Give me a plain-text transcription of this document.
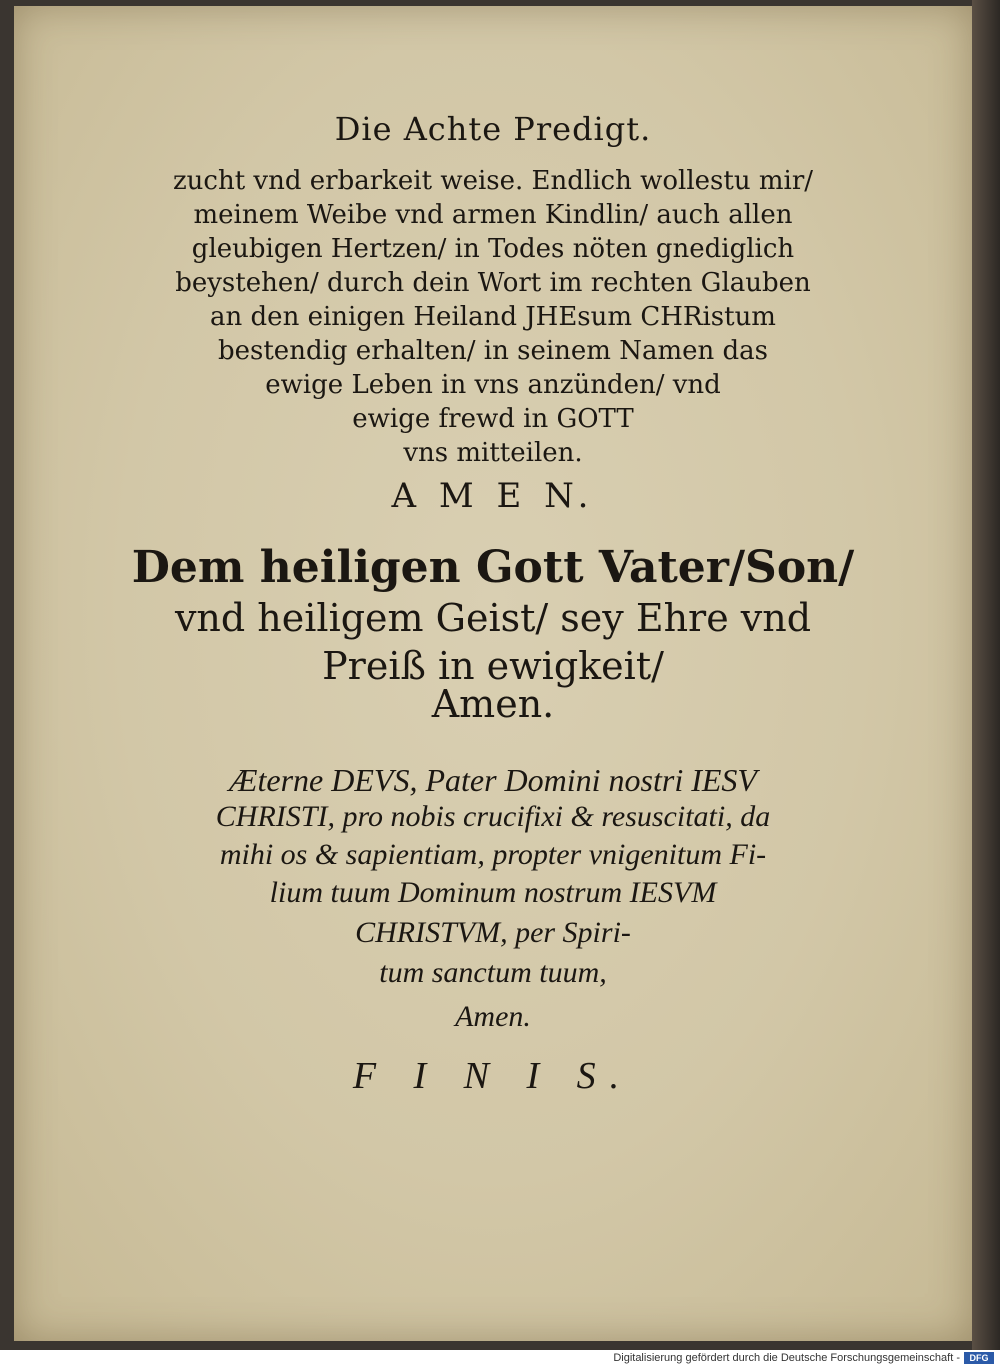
Die Achte Predigt.
zucht vnd erbarkeit weise. Endlich wollestu mir/
meinem Weibe vnd armen Kindlin/ auch allen
gleubigen Hertzen/ in Todes nöten gnediglich
beystehen/ durch dein Wort im rechten Glauben
an den einigen Heiland JHEsum CHRistum
bestendig erhalten/ in seinem Namen das
ewige Leben in vns anzünden/ vnd
ewige frewd in GOTT
vns mitteilen.
A M E N.
Dem heiligen Gott Vater/Son/
vnd heiligem Geist/ sey Ehre vnd
Preiß in ewigkeit/
Amen.
Æterne DEVS, Pater Domini nostri IESV
CHRISTI, pro nobis crucifixi & resuscitati, da
mihi os & sapientiam, propter vnigenitum Fi-
lium tuum Dominum nostrum IESVM
CHRISTVM, per Spiri-
tum sanctum tuum,
Amen.
F I N I S.
Digitalisierung gefördert durch die Deutsche Forschungsgemeinschaft -	DFG
